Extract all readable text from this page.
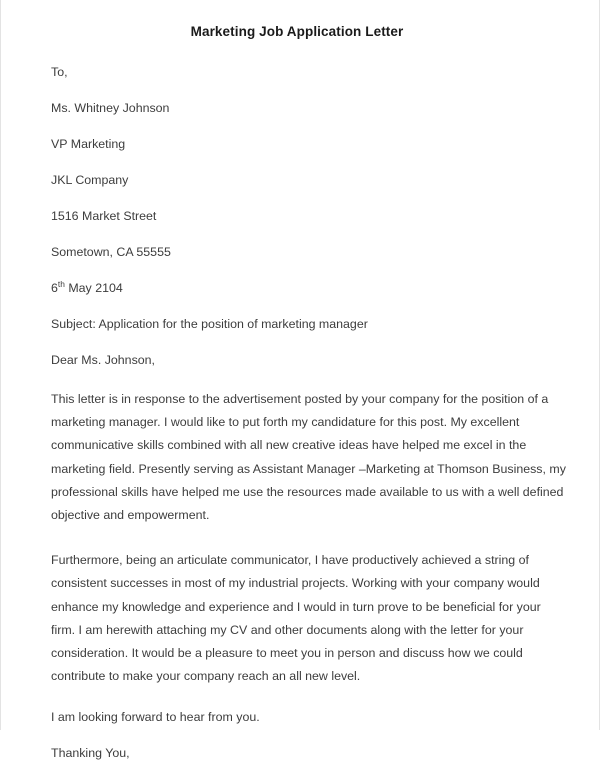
Marketing Job Application Letter
To,
Ms. Whitney Johnson
VP Marketing
JKL Company
1516 Market Street
Sometown, CA 55555
6th May 2104
Subject: Application for the position of marketing manager
Dear Ms. Johnson,

This letter is in response to the advertisement posted by your company for the position of a marketing manager. I would like to put forth my candidature for this post. My excellent communicative skills combined with all new creative ideas have helped me excel in the marketing field. Presently serving as Assistant Manager –Marketing at Thomson Business, my professional skills have helped me use the resources made available to us with a well defined objective and empowerment.

Furthermore, being an articulate communicator, I have productively achieved a string of consistent successes in most of my industrial projects. Working with your company would enhance my knowledge and experience and I would in turn prove to be beneficial for your firm. I am herewith attaching my CV and other documents along with the letter for your consideration. It would be a pleasure to meet you in person and discuss how we could contribute to make your company reach an all new level.

I am looking forward to hear from you.
Thanking You,
